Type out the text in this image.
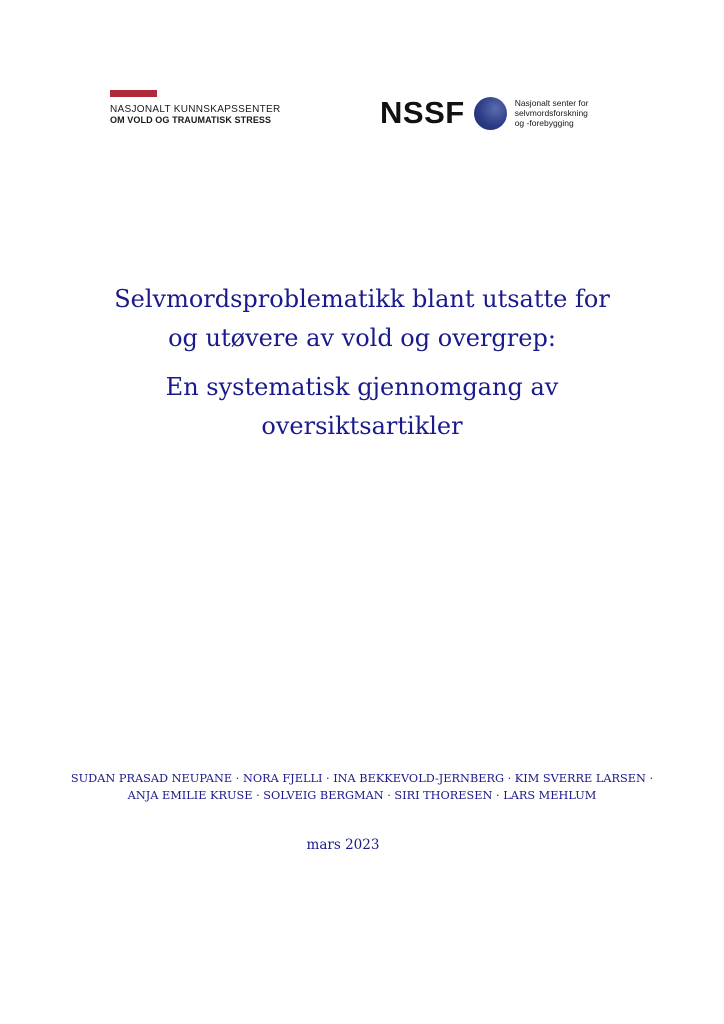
NASJONALT KUNNSKAPSSENTER
OM VOLD OG TRAUMATISK STRESS	NSSF	Nasjonalt senter for
selvmordsforskning
og -forebygging
Selvmordsproblematikk blant utsatte for
og utøvere av vold og overgrep:
En systematisk gjennomgang av
oversiktsartikler
SUDAN PRASAD NEUPANE · NORA FJELLI · INA BEKKEVOLD-JERNBERG · KIM SVERRE LARSEN ·
ANJA EMILIE KRUSE · SOLVEIG BERGMAN · SIRI THORESEN · LARS MEHLUM
mars 2023
